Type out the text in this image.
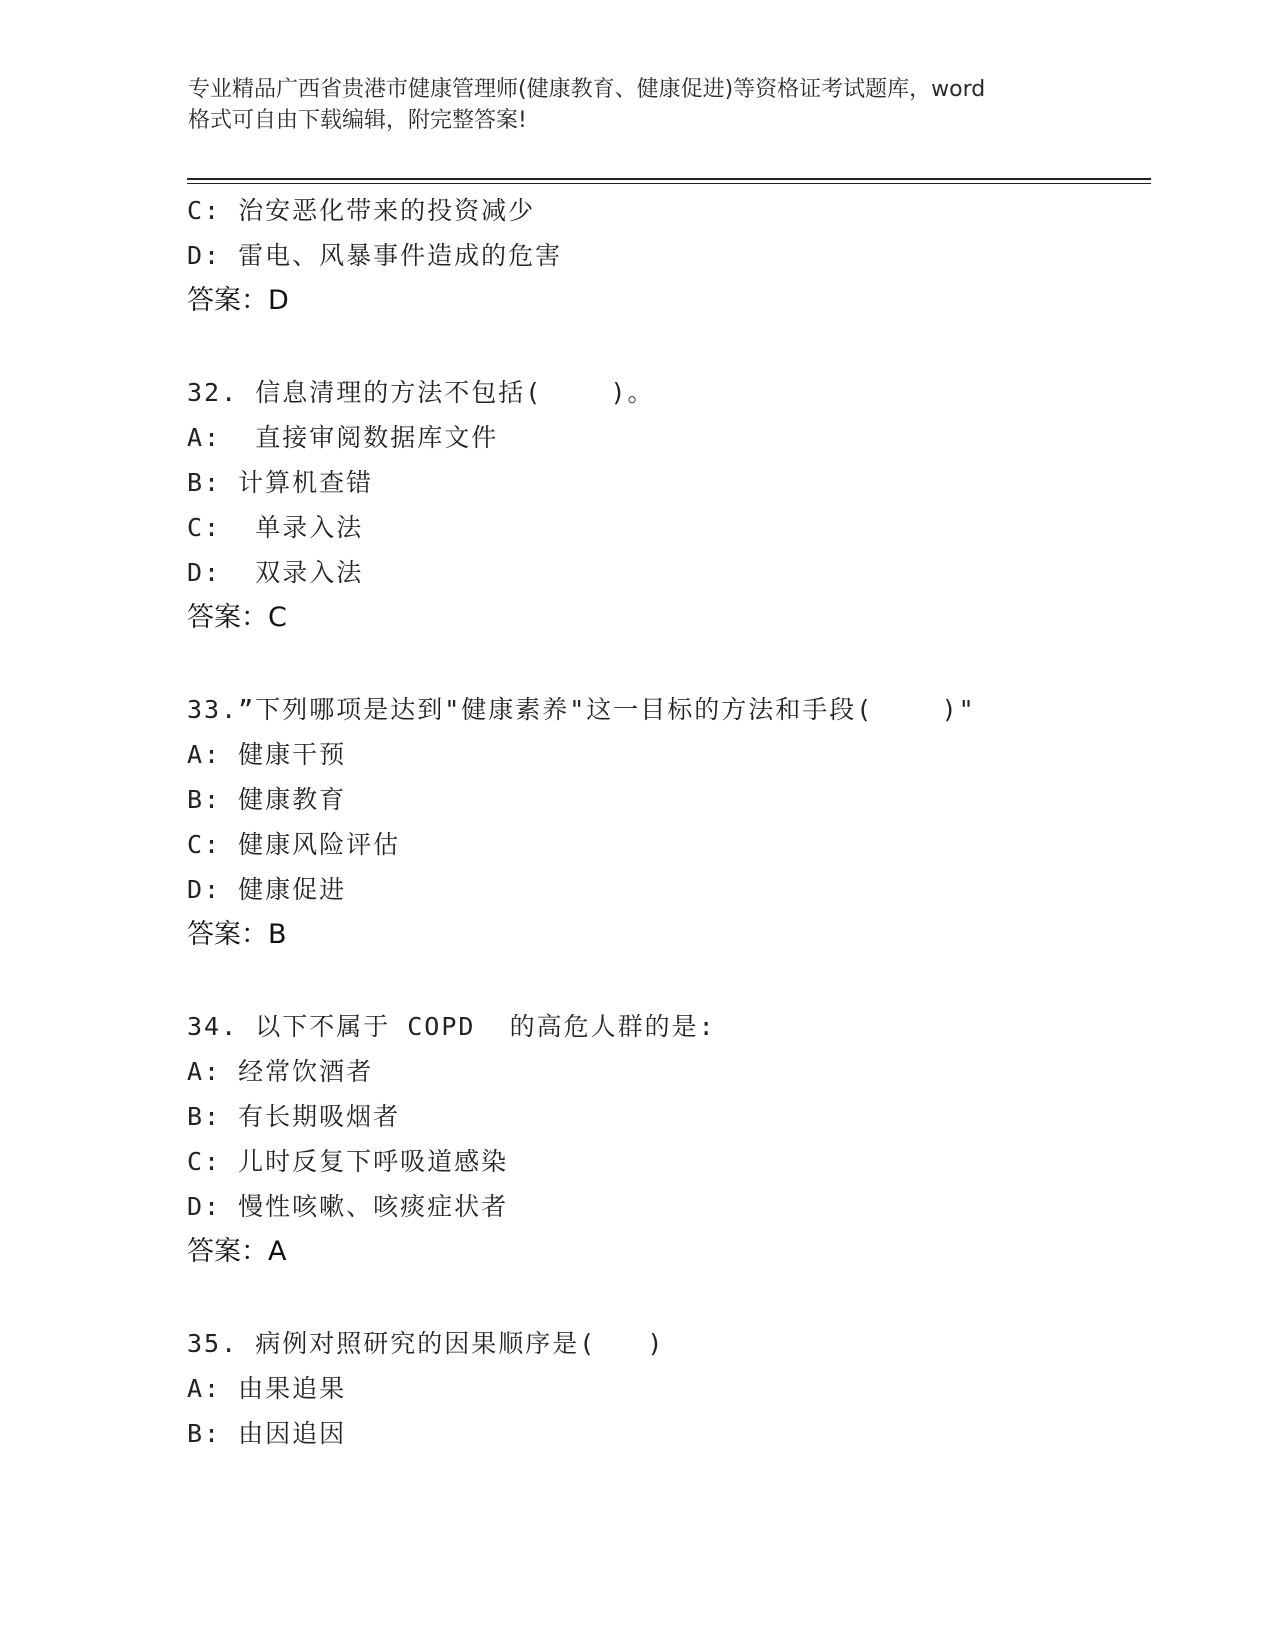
专业精品广西省贵港市健康管理师(健康教育、健康促进)等资格证考试题库，word
格式可自由下载编辑，附完整答案!
C: 治安恶化带来的投资减少
D: 雷电、风暴事件造成的危害
答案：D
32. 信息清理的方法不包括(    )。
A:  直接审阅数据库文件
B: 计算机查错
C:  单录入法
D:  双录入法
答案：C
33.”下列哪项是达到"健康素养"这一目标的方法和手段(    )"
A: 健康干预
B: 健康教育
C: 健康风险评估
D: 健康促进
答案：B
34. 以下不属于 COPD  的高危人群的是:
A: 经常饮酒者
B: 有长期吸烟者
C: 儿时反复下呼吸道感染
D: 慢性咳嗽、咳痰症状者
答案：A
35. 病例对照研究的因果顺序是(   )
A: 由果追果
B: 由因追因
